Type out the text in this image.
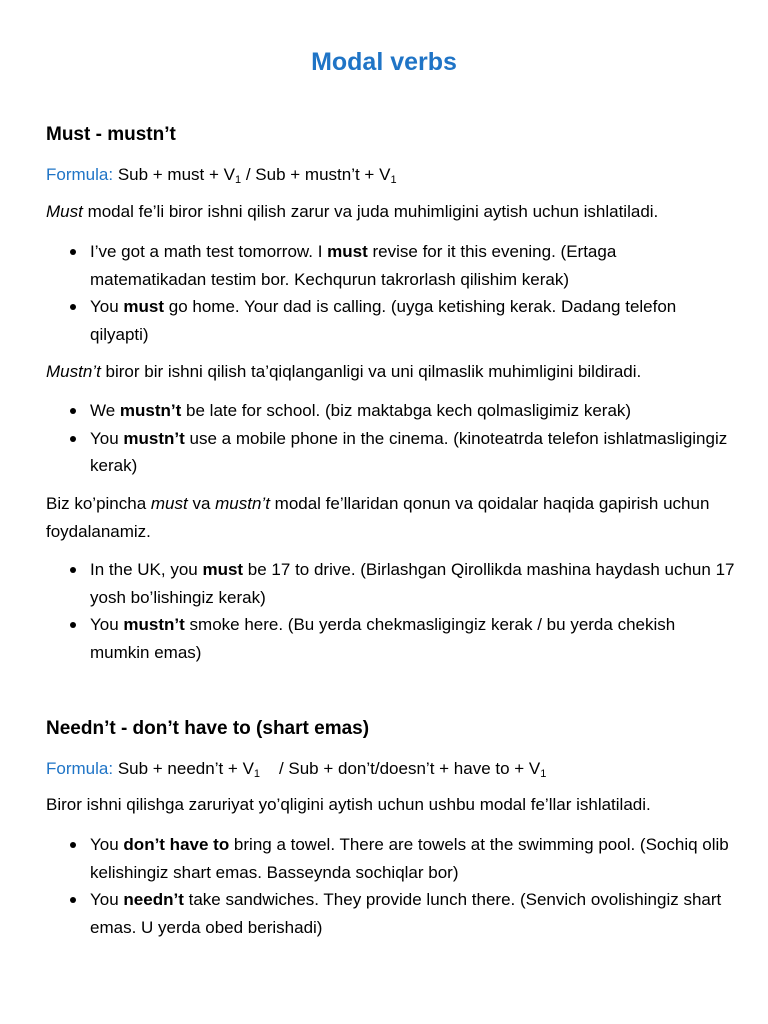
Modal verbs
Must - mustn’t
Formula: Sub + must + $V_1$ / Sub + mustn’t + $V_1$
Must modal fe’li biror ishni qilish zarur va juda muhimligini aytish uchun ishlatiladi.
I’ve got a math test tomorrow. I must revise for it this evening. (Ertaga matematikadan testim bor. Kechqurun takrorlash qilishim kerak)
You must go home. Your dad is calling. (uyga ketishing kerak. Dadang telefon qilyapti)
Mustn’t biror bir ishni qilish ta’qiqlanganligi va uni qilmaslik muhimligini bildiradi.
We mustn’t be late for school. (biz maktabga kech qolmasligimiz kerak)
You mustn’t use a mobile phone in the cinema. (kinoteatrda telefon ishlatmasligingiz kerak)
Biz ko’pincha must va mustn’t modal fe’llaridan qonun va qoidalar haqida gapirish uchun foydalanamiz.
In the UK, you must be 17 to drive. (Birlashgan Qirollikda mashina haydash uchun 17 yosh bo’lishingiz kerak)
You mustn’t smoke here. (Bu yerda chekmasligingiz kerak / bu yerda chekish mumkin emas)
Needn’t - don’t have to (shart emas)
Formula: Sub + needn’t + $V_1$    / Sub + don’t/doesn’t + have to + $V_1$
Biror ishni qilishga zaruriyat yo’qligini aytish uchun ushbu modal fe’llar ishlatiladi.
You don’t have to bring a towel. There are towels at the swimming pool. (Sochiq olib kelishingiz shart emas. Basseynda sochiqlar bor)
You needn’t take sandwiches. They provide lunch there. (Senvich ovolishingiz shart emas. U yerda obed berishadi)
